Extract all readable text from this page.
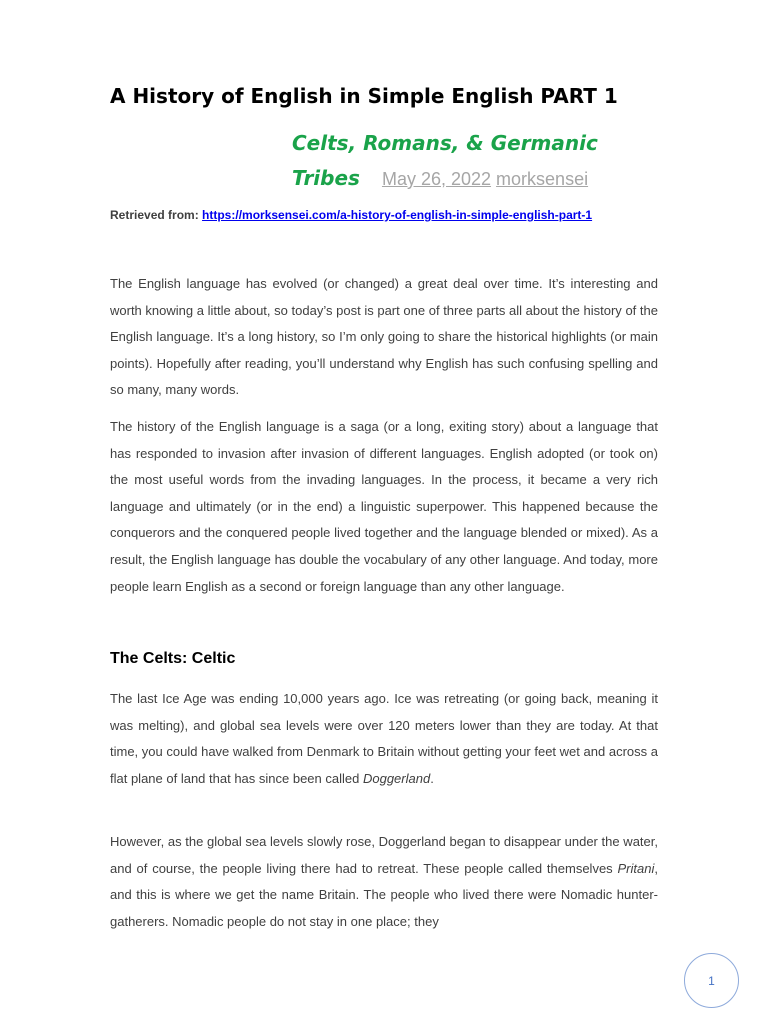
A History of English in Simple English PART 1
Celts, Romans, & Germanic
Tribes May 26, 2022 morksensei
Retrieved from: https://morksensei.com/a-history-of-english-in-simple-english-part-1

The English language has evolved (or changed) a great deal over time. It’s interesting and worth knowing a little about, so today’s post is part one of three parts all about the history of the English language. It’s a long history, so I’m only going to share the historical highlights (or main points). Hopefully after reading, you’ll understand why English has such confusing spelling and so many, many words.

The history of the English language is a saga (or a long, exiting story) about a language that has responded to invasion after invasion of different languages. English adopted (or took on) the most useful words from the invading languages. In the process, it became a very rich language and ultimately (or in the end) a linguistic superpower. This happened because the conquerors and the conquered people lived together and the language blended or mixed). As a result, the English language has double the vocabulary of any other language. And today, more people learn English as a second or foreign language than any other language.

The Celts: Celtic

The last Ice Age was ending 10,000 years ago. Ice was retreating (or going back, meaning it was melting), and global sea levels were over 120 meters lower than they are today. At that time, you could have walked from Denmark to Britain without getting your feet wet and across a flat plane of land that has since been called Doggerland.

However, as the global sea levels slowly rose, Doggerland began to disappear under the water, and of course, the people living there had to retreat. These people called themselves Pritani, and this is where we get the name Britain. The people who lived there were Nomadic hunter-gatherers. Nomadic people do not stay in one place; they

1
